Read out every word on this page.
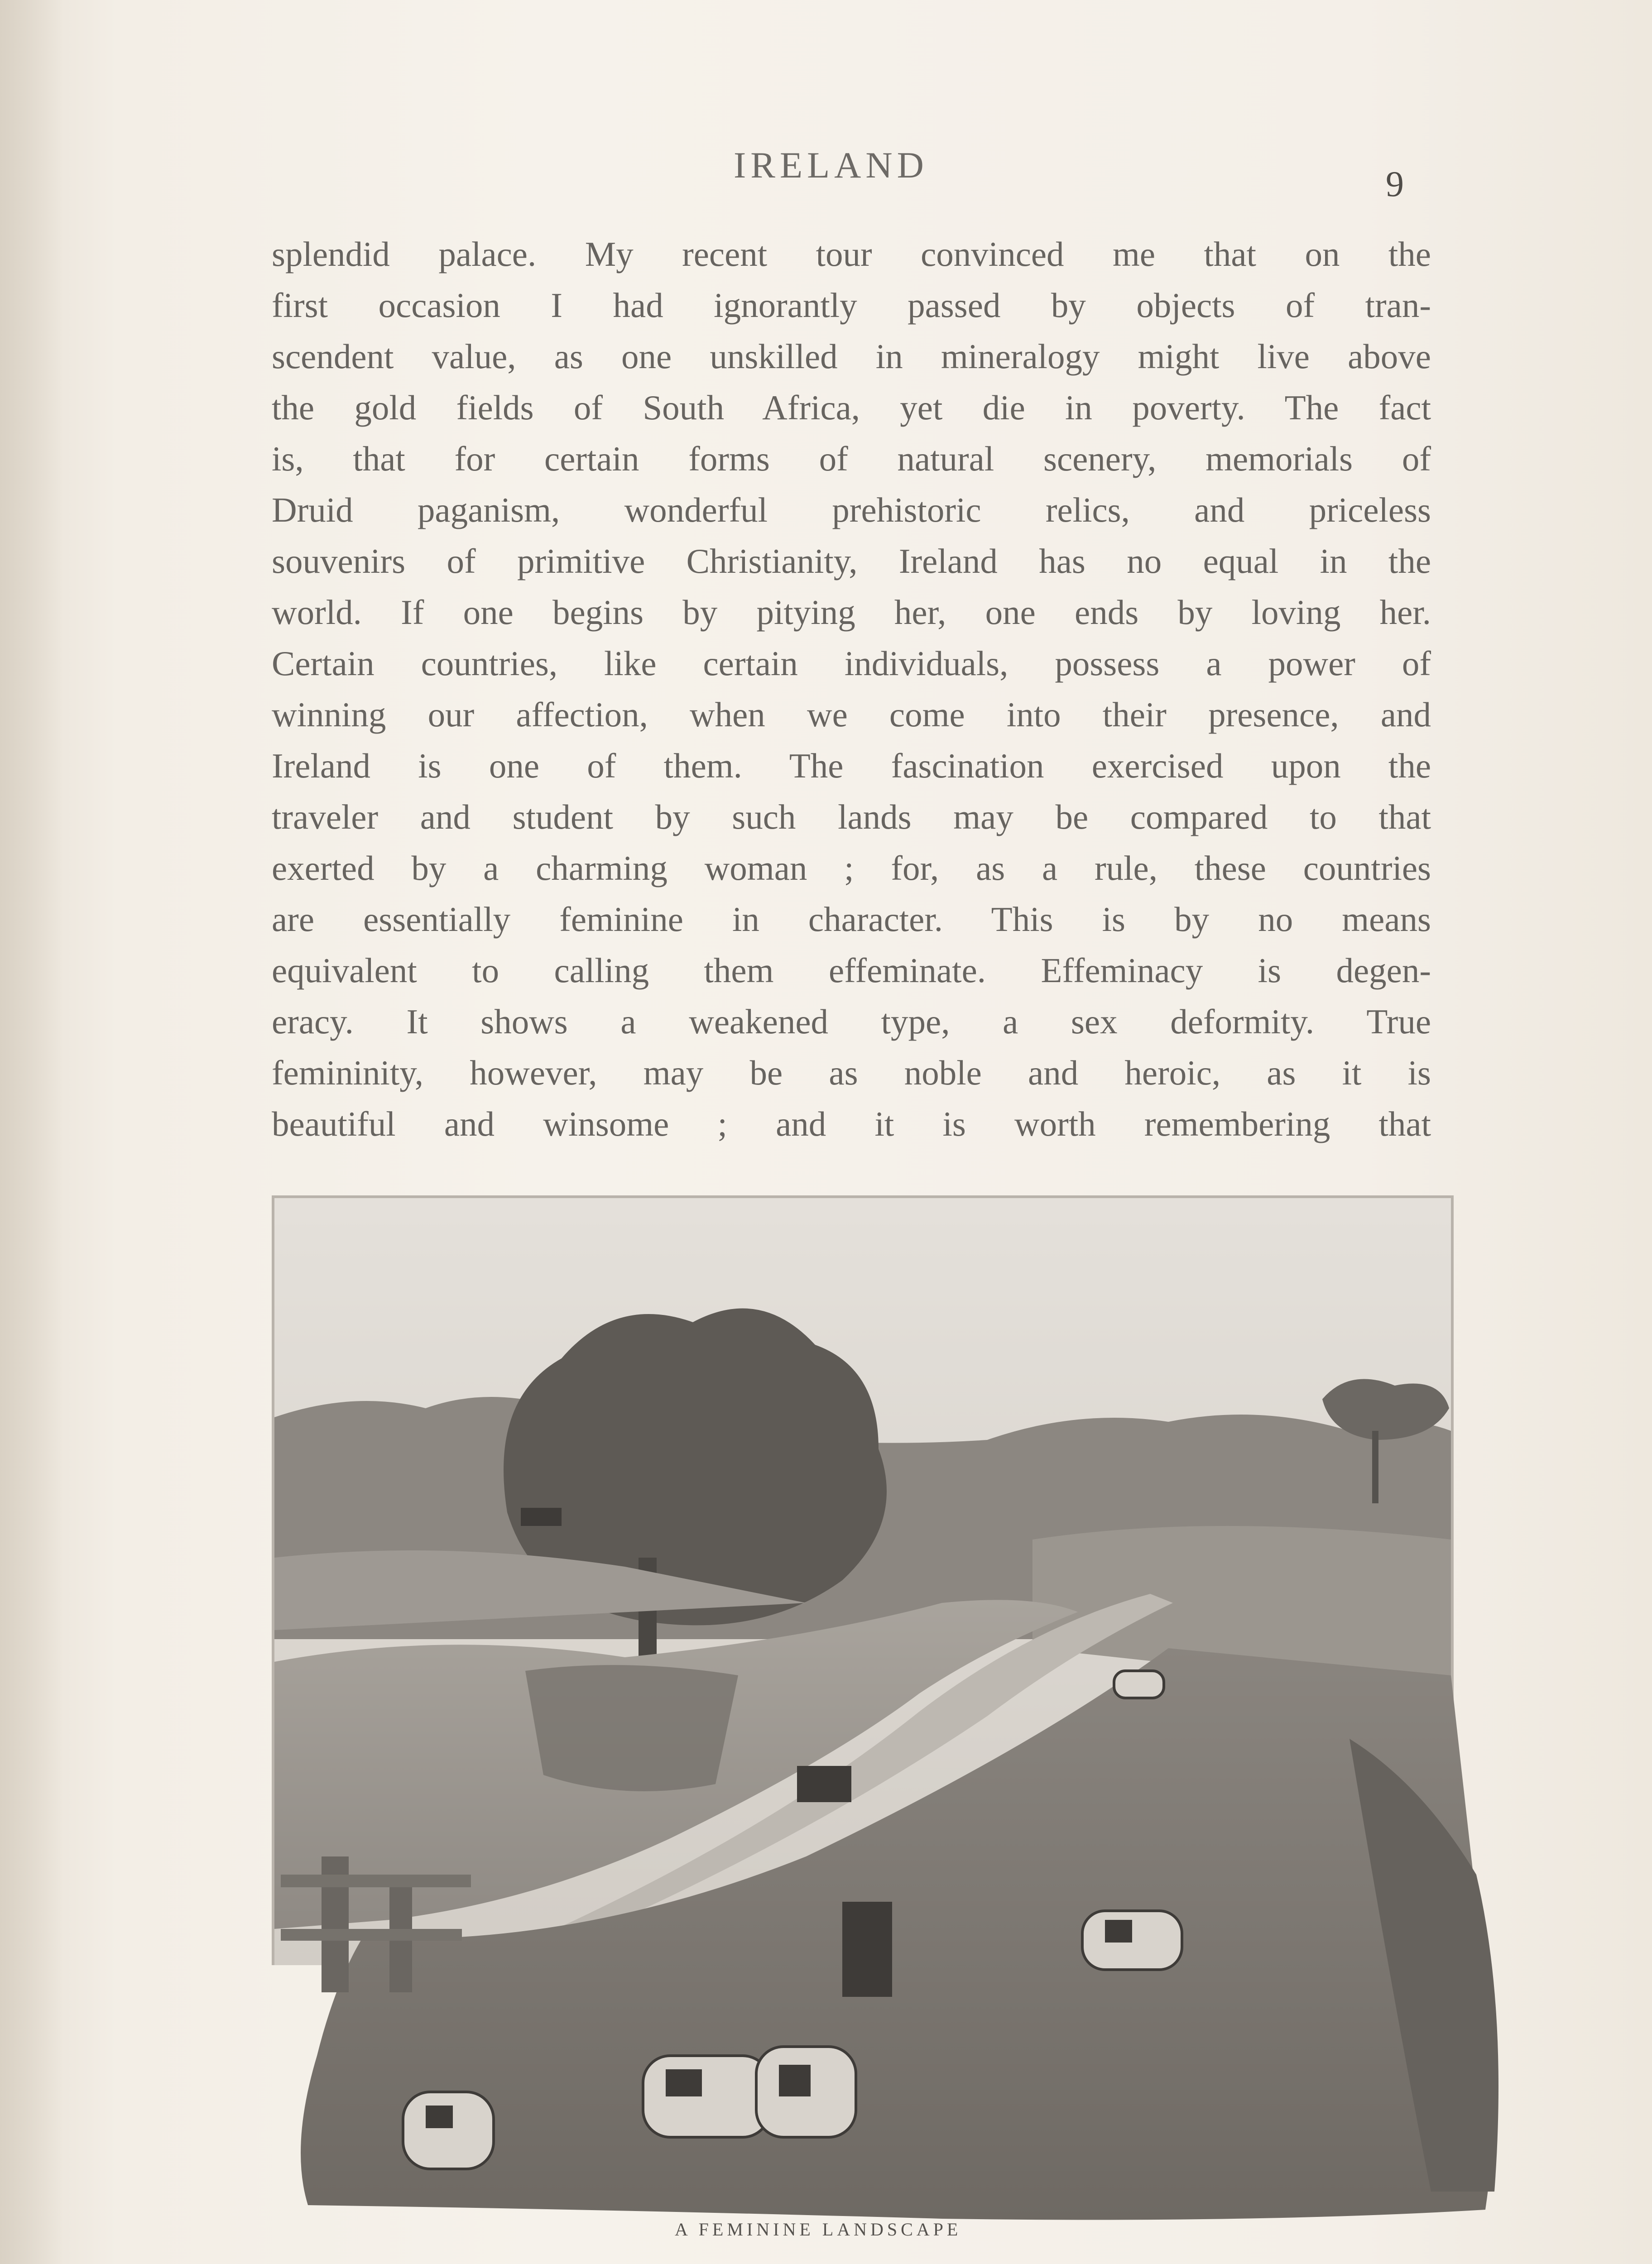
IRELAND	9
splendid palace. My recent tour convinced me that on the
first occasion I had ignorantly passed by objects of tran-
scendent value, as one unskilled in mineralogy might live above
the gold fields of South Africa, yet die in poverty. The fact
is, that for certain forms of natural scenery, memorials of
Druid paganism, wonderful prehistoric relics, and priceless
souvenirs of primitive Christianity, Ireland has no equal in the
world. If one begins by pitying her, one ends by loving her.
Certain countries, like certain individuals, possess a power of
winning our affection, when we come into their presence, and
Ireland is one of them. The fascination exercised upon the
traveler and student by such lands may be compared to that
exerted by a charming woman ; for, as a rule, these countries
are essentially feminine in character. This is by no means
equivalent to calling them effeminate. Effeminacy is degen-
eracy. It shows a weakened type, a sex deformity. True
femininity, however, may be as noble and heroic, as it is
beautiful and winsome ; and it is worth remembering that
A FEMININE LANDSCAPE
